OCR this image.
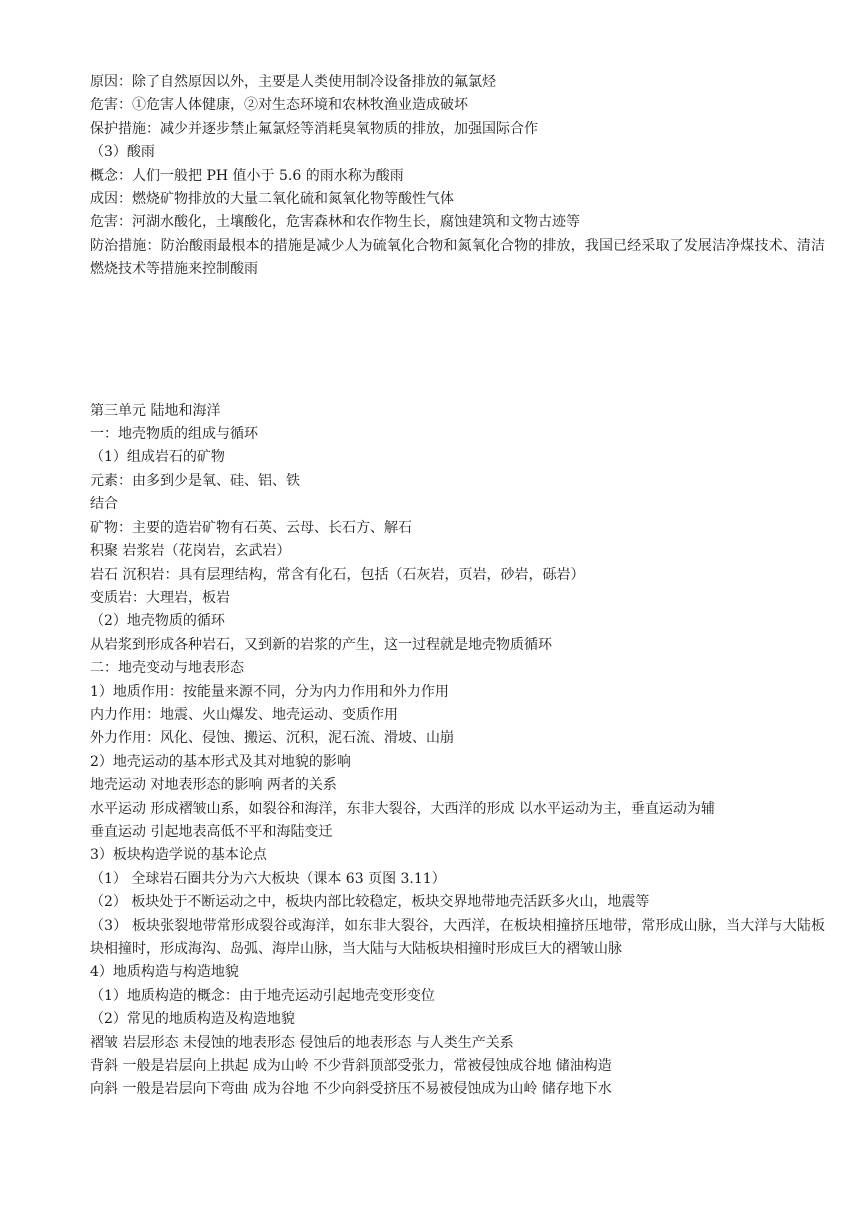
原因：除了自然原因以外，主要是人类使用制冷设备排放的氟氯烃
危害：①危害人体健康，②对生态环境和农林牧渔业造成破坏
保护措施：减少并逐步禁止氟氯烃等消耗臭氧物质的排放，加强国际合作
（3）酸雨
概念：人们一般把 PH 值小于 5.6 的雨水称为酸雨
成因：燃烧矿物排放的大量二氧化硫和氮氧化物等酸性气体
危害：河湖水酸化，土壤酸化，危害森林和农作物生长，腐蚀建筑和文物古迹等
防治措施：防治酸雨最根本的措施是减少人为硫氧化合物和氮氧化合物的排放，我国已经采取了发展洁净煤技术、清洁燃烧技术等措施来控制酸雨
第三单元 陆地和海洋
一：地壳物质的组成与循环
（1）组成岩石的矿物
元素：由多到少是氧、硅、铝、铁
结合
矿物：主要的造岩矿物有石英、云母、长石方、解石
积聚 岩浆岩（花岗岩，玄武岩）
岩石 沉积岩：具有层理结构，常含有化石，包括（石灰岩，页岩，砂岩，砾岩）
变质岩：大理岩，板岩
（2）地壳物质的循环
从岩浆到形成各种岩石，又到新的岩浆的产生，这一过程就是地壳物质循环
二：地壳变动与地表形态
1）地质作用：按能量来源不同，分为内力作用和外力作用
内力作用：地震、火山爆发、地壳运动、变质作用
外力作用：风化、侵蚀、搬运、沉积，泥石流、滑坡、山崩
2）地壳运动的基本形式及其对地貌的影响
地壳运动 对地表形态的影响 两者的关系
水平运动 形成褶皱山系，如裂谷和海洋，东非大裂谷，大西洋的形成 以水平运动为主，垂直运动为辅
垂直运动 引起地表高低不平和海陆变迁
3）板块构造学说的基本论点
（1） 全球岩石圈共分为六大板块（课本 63 页图 3.11）
（2） 板块处于不断运动之中，板块内部比较稳定，板块交界地带地壳活跃多火山，地震等
（3） 板块张裂地带常形成裂谷或海洋，如东非大裂谷，大西洋，在板块相撞挤压地带，常形成山脉，当大洋与大陆板块相撞时，形成海沟、岛弧、海岸山脉，当大陆与大陆板块相撞时形成巨大的褶皱山脉
4）地质构造与构造地貌
（1）地质构造的概念：由于地壳运动引起地壳变形变位
（2）常见的地质构造及构造地貌
褶皱 岩层形态 未侵蚀的地表形态 侵蚀后的地表形态 与人类生产关系
背斜 一般是岩层向上拱起 成为山岭 不少背斜顶部受张力，常被侵蚀成谷地 储油构造
向斜 一般是岩层向下弯曲 成为谷地 不少向斜受挤压不易被侵蚀成为山岭 储存地下水
